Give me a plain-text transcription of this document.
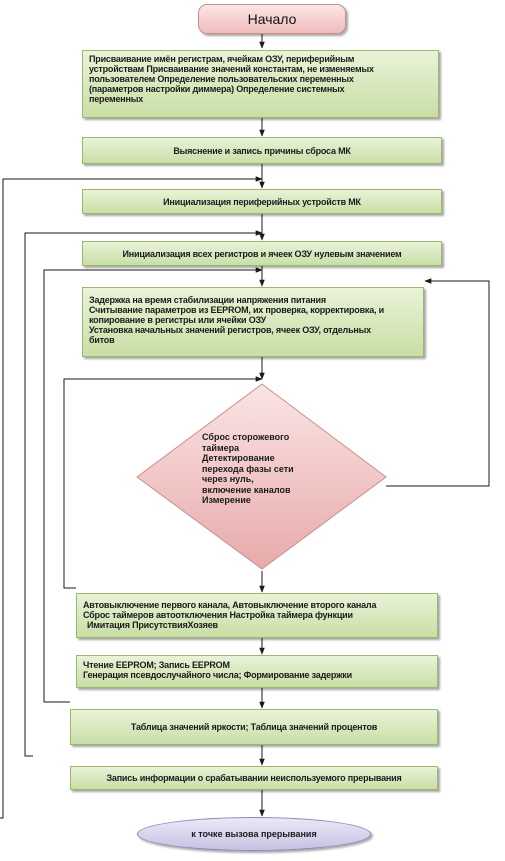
Начало
Присваивание имён регистрам, ячейкам ОЗУ, периферийным
устройствам Присваивание значений константам, не изменяемых
пользователем Определение пользовательских переменных
(параметров настройки диммера) Определение системных
переменных
Выяснение и запись причины сброса МК
Инициализация периферийных устройств МК
Инициализация всех регистров и ячеек ОЗУ нулевым значением
Задержка на время стабилизации напряжения питания
Считывание параметров из EEPROM, их проверка, корректировка, и
копирование в регистры или ячейки ОЗУ
Установка начальных значений регистров, ячеек ОЗУ, отдельных
битов
Сброс сторожевого
таймера
Детектирование
перехода фазы сети
через нуль,
включение каналов
Измерение
Автовыключение первого канала, Автовыключение второго канала
Сброс таймеров автоотключения Настройка таймера функции
Имитация ПрисутствияХозяев
Чтение EEPROM; Запись EEPROM
Генерация псевдослучайного числа; Формирование задержки
Таблица значений яркости; Таблица значений процентов
Запись информации о срабатывании неиспользуемого прерывания
к точке вызова прерывания
